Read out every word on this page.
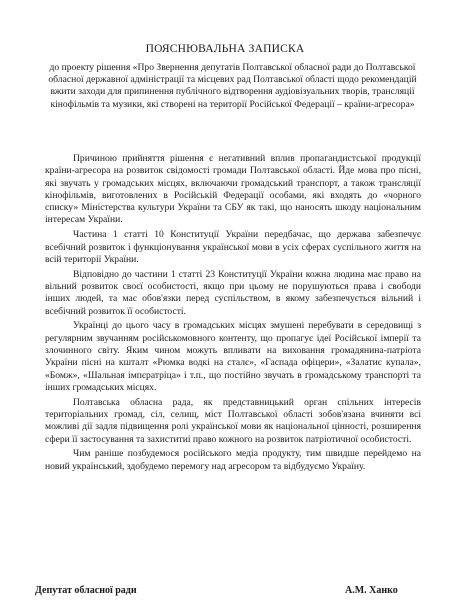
ПОЯСНЮВАЛЬНА ЗАПИСКА
до проекту рішення «Про Звернення депутатів Полтавської обласної ради до Полтавської обласної державної адміністрації та місцевих рад Полтавської області щодо рекомендацій вжити заходи для припинення публічного відтворення аудіовізуальних творів, трансляції кінофільмів та музики, які створені на території Російської Федерації – країни-агресора»

Причиною прийняття рішення є негативний вплив пропагандистської продукції країни-агресора на розвиток свідомості громади Полтавської області. Йде мова про пісні, які звучать у громадських місцях, включаючи громадський транспорт, а також трансляції кінофільмів, виготовлених в Російській Федерації особами, які входять до «чорного списку» Міністерства культури України та СБУ як такі, що наносять шкоду національним інтересам України.

Частина 1 статті 10 Конституції України передбачає, що держава забезпечує всебічний розвиток і функціонування української мови в усіх сферах суспільного життя на всій території України.

Відповідно до частини 1 статті 23 Конституції України кожна людина має право на вільний розвиток своєї особистості, якщо при цьому не порушуються права і свободи інших людей, та має обов'язки перед суспільством, в якому забезпечується вільний і всебічний розвиток її особистості.

Українці до цього часу в громадських місцях змушені перебувати в середовищі з регулярним звучанням російськомовного контенту, що пропагує ідеї Російської імперії та злочинного світу. Яким чином можуть впливати на виховання громадянина-патріота України пісні на кшталт «Рюмка водкі на сталє», «Гаспада офіцери», «Залатиє купала», «Бомж», «Шальная імпєратріца» і т.п., що постійно звучать в громадському транспорті та інших громадських місцях.

Полтавська обласна рада, як представницький орган спільних інтересів територіальних громад, сіл, селищ, міст Полтавської області зобов'язана вчиняти всі можливі дії задля підвищення ролі української мови як національної цінності, розширення сфери її застосування та захиститиі право кожного на розвиток патріотичної особистості.

Чим раніше позбудемося російського медіа продукту, тим швидше перейдемо на новий український, здобудемо перемогу над агресором та відбудуємо Україну.

Депутат обласної ради	А.М. Ханко
